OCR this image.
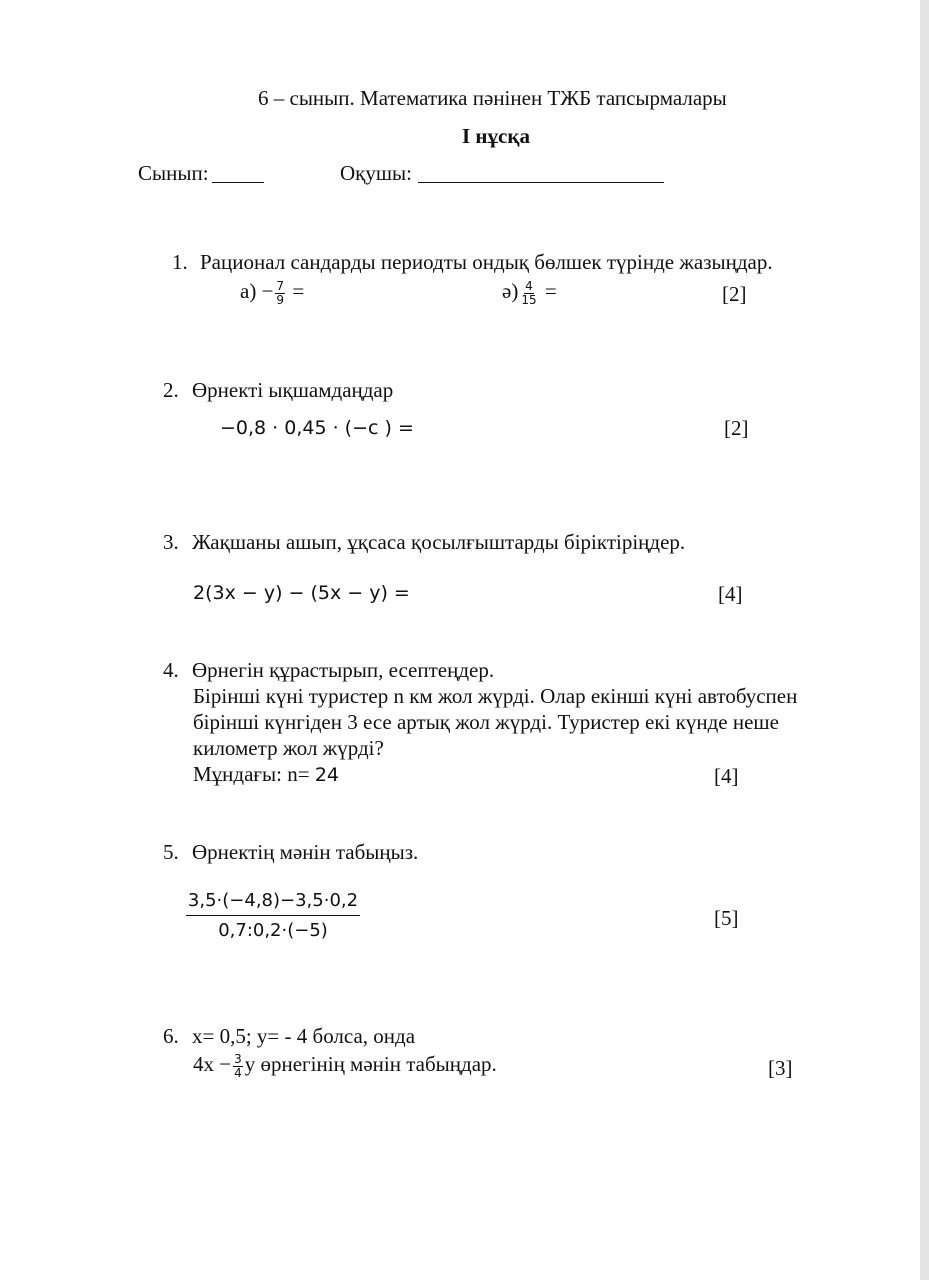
6 – сынып. Математика пәнінен ТЖБ тапсырмалары
I нұсқа
Сынып:	Оқушы:
1. Рационал сандарды периодты ондық бөлшек түрінде жазыңдар.
$а) - \frac{7}{9}$ =	$ә) \frac{4}{15}$ =	[2]
2. Өрнекті ықшамдаңдар
−0,8 · 0,45 · (−c ) =	[2]
3. Жақшаны ашып, ұқсаса қосылғыштарды біріктіріңдер.
2(3x − y) − (5x − y) =	[4]
4. Өрнегін құрастырып, есептеңдер.
Бірінші күні туристер n км жол жүрді. Олар екінші күні автобуспен
бірінші күнгіден 3 есе артық жол жүрді. Туристер екі күнде неше
километр жол жүрді?
Мұндағы: n= 24	[4]
5. Өрнектің мәнін табыңыз.
$\frac{3,5\cdot(-4,8)-3,5\cdot 0,2}{0,7:0,2\cdot(-5)}$	[5]
6. x= 0,5; y= - 4 болса, онда
$4x - \frac{3}{4}$ y өрнегінің мәнін табыңдар.	[3]
